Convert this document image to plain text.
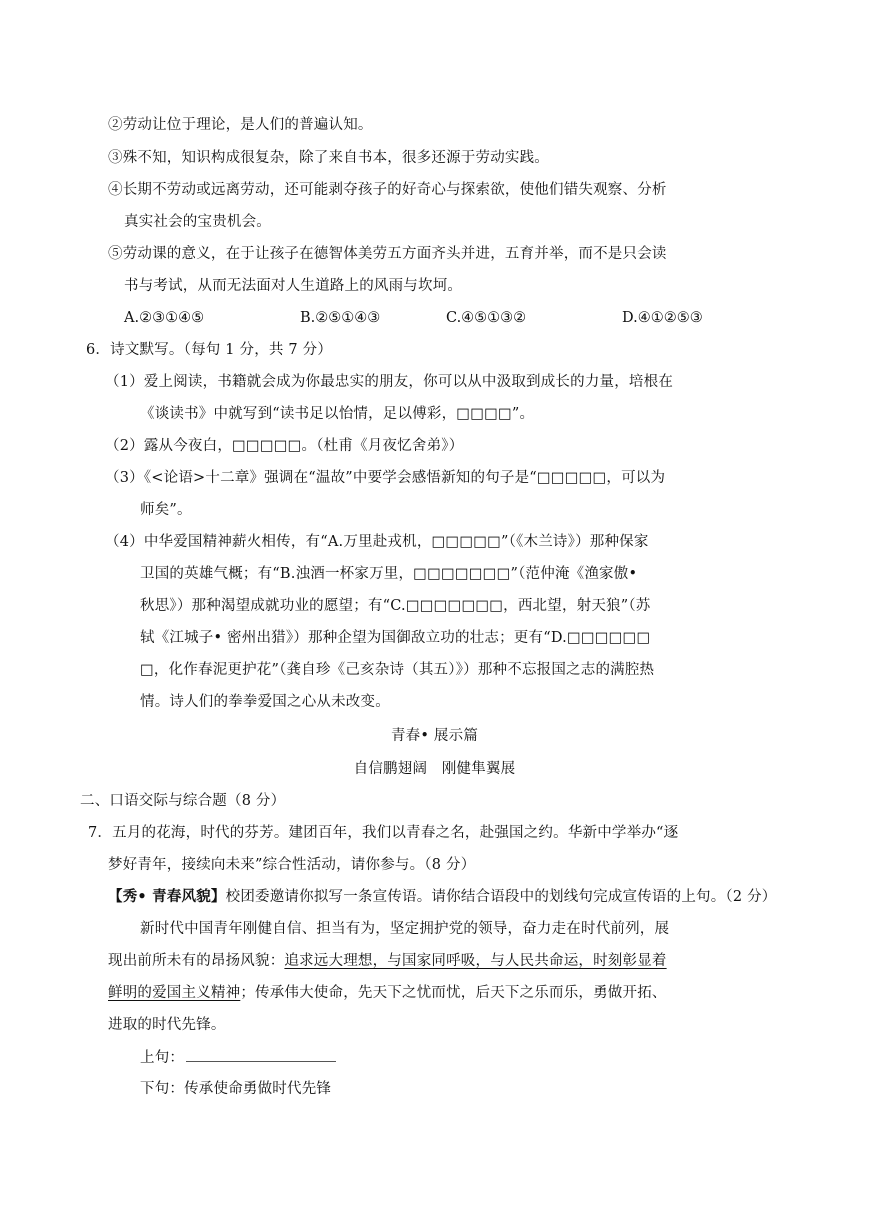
②劳动让位于理论，是人们的普遍认知。
③殊不知，知识构成很复杂，除了来自书本，很多还源于劳动实践。
④长期不劳动或远离劳动，还可能剥夺孩子的好奇心与探索欲，使他们错失观察、分析
真实社会的宝贵机会。
⑤劳动课的意义，在于让孩子在德智体美劳五方面齐头并进，五育并举，而不是只会读
书与考试，从而无法面对人生道路上的风雨与坎坷。
A.②③①④⑤	B.②⑤①④③	C.④⑤①③②	D.④①②⑤③
6．诗文默写。（每句 1 分，共 7 分）
（1）爱上阅读，书籍就会成为你最忠实的朋友，你可以从中汲取到成长的力量，培根在
《谈读书》中就写到“读书足以怡情，足以傅彩，□□□□”。
（2）露从今夜白，□□□□□。（杜甫《月夜忆舍弟》）
（3）《<论语>十二章》强调在“温故”中要学会感悟新知的句子是“□□□□□，可以为
师矣”。
（4）中华爱国精神薪火相传，有“A.万里赴戎机，□□□□□”（《木兰诗》）那种保家
卫国的英雄气概；有“B.浊酒一杯家万里，□□□□□□□”（范仲淹《渔家傲•
秋思》）那种渴望成就功业的愿望；有“C.□□□□□□□，西北望，射天狼”（苏
轼《江城子• 密州出猎》）那种企望为国御敌立功的壮志；更有“D.□□□□□□
□，化作春泥更护花”（龚自珍《己亥杂诗（其五）》）那种不忘报国之志的满腔热
情。诗人们的拳拳爱国之心从未改变。
青春• 展示篇
自信鹏翅阔　刚健隼翼展
二、口语交际与综合题（8 分）
7．五月的花海，时代的芬芳。建团百年，我们以青春之名，赴强国之约。华新中学举办“逐
梦好青年，接续向未来”综合性活动，请你参与。（8 分）
【秀• 青春风貌】校团委邀请你拟写一条宣传语。请你结合语段中的划线句完成宣传语的上句。（2 分）
新时代中国青年刚健自信、担当有为，坚定拥护党的领导，奋力走在时代前列，展
现出前所未有的昂扬风貌：追求远大理想，与国家同呼吸，与人民共命运，时刻彰显着
鲜明的爱国主义精神；传承伟大使命，先天下之忧而忧，后天下之乐而乐，勇做开拓、
进取的时代先锋。
上句：
下句：传承使命勇做时代先锋
